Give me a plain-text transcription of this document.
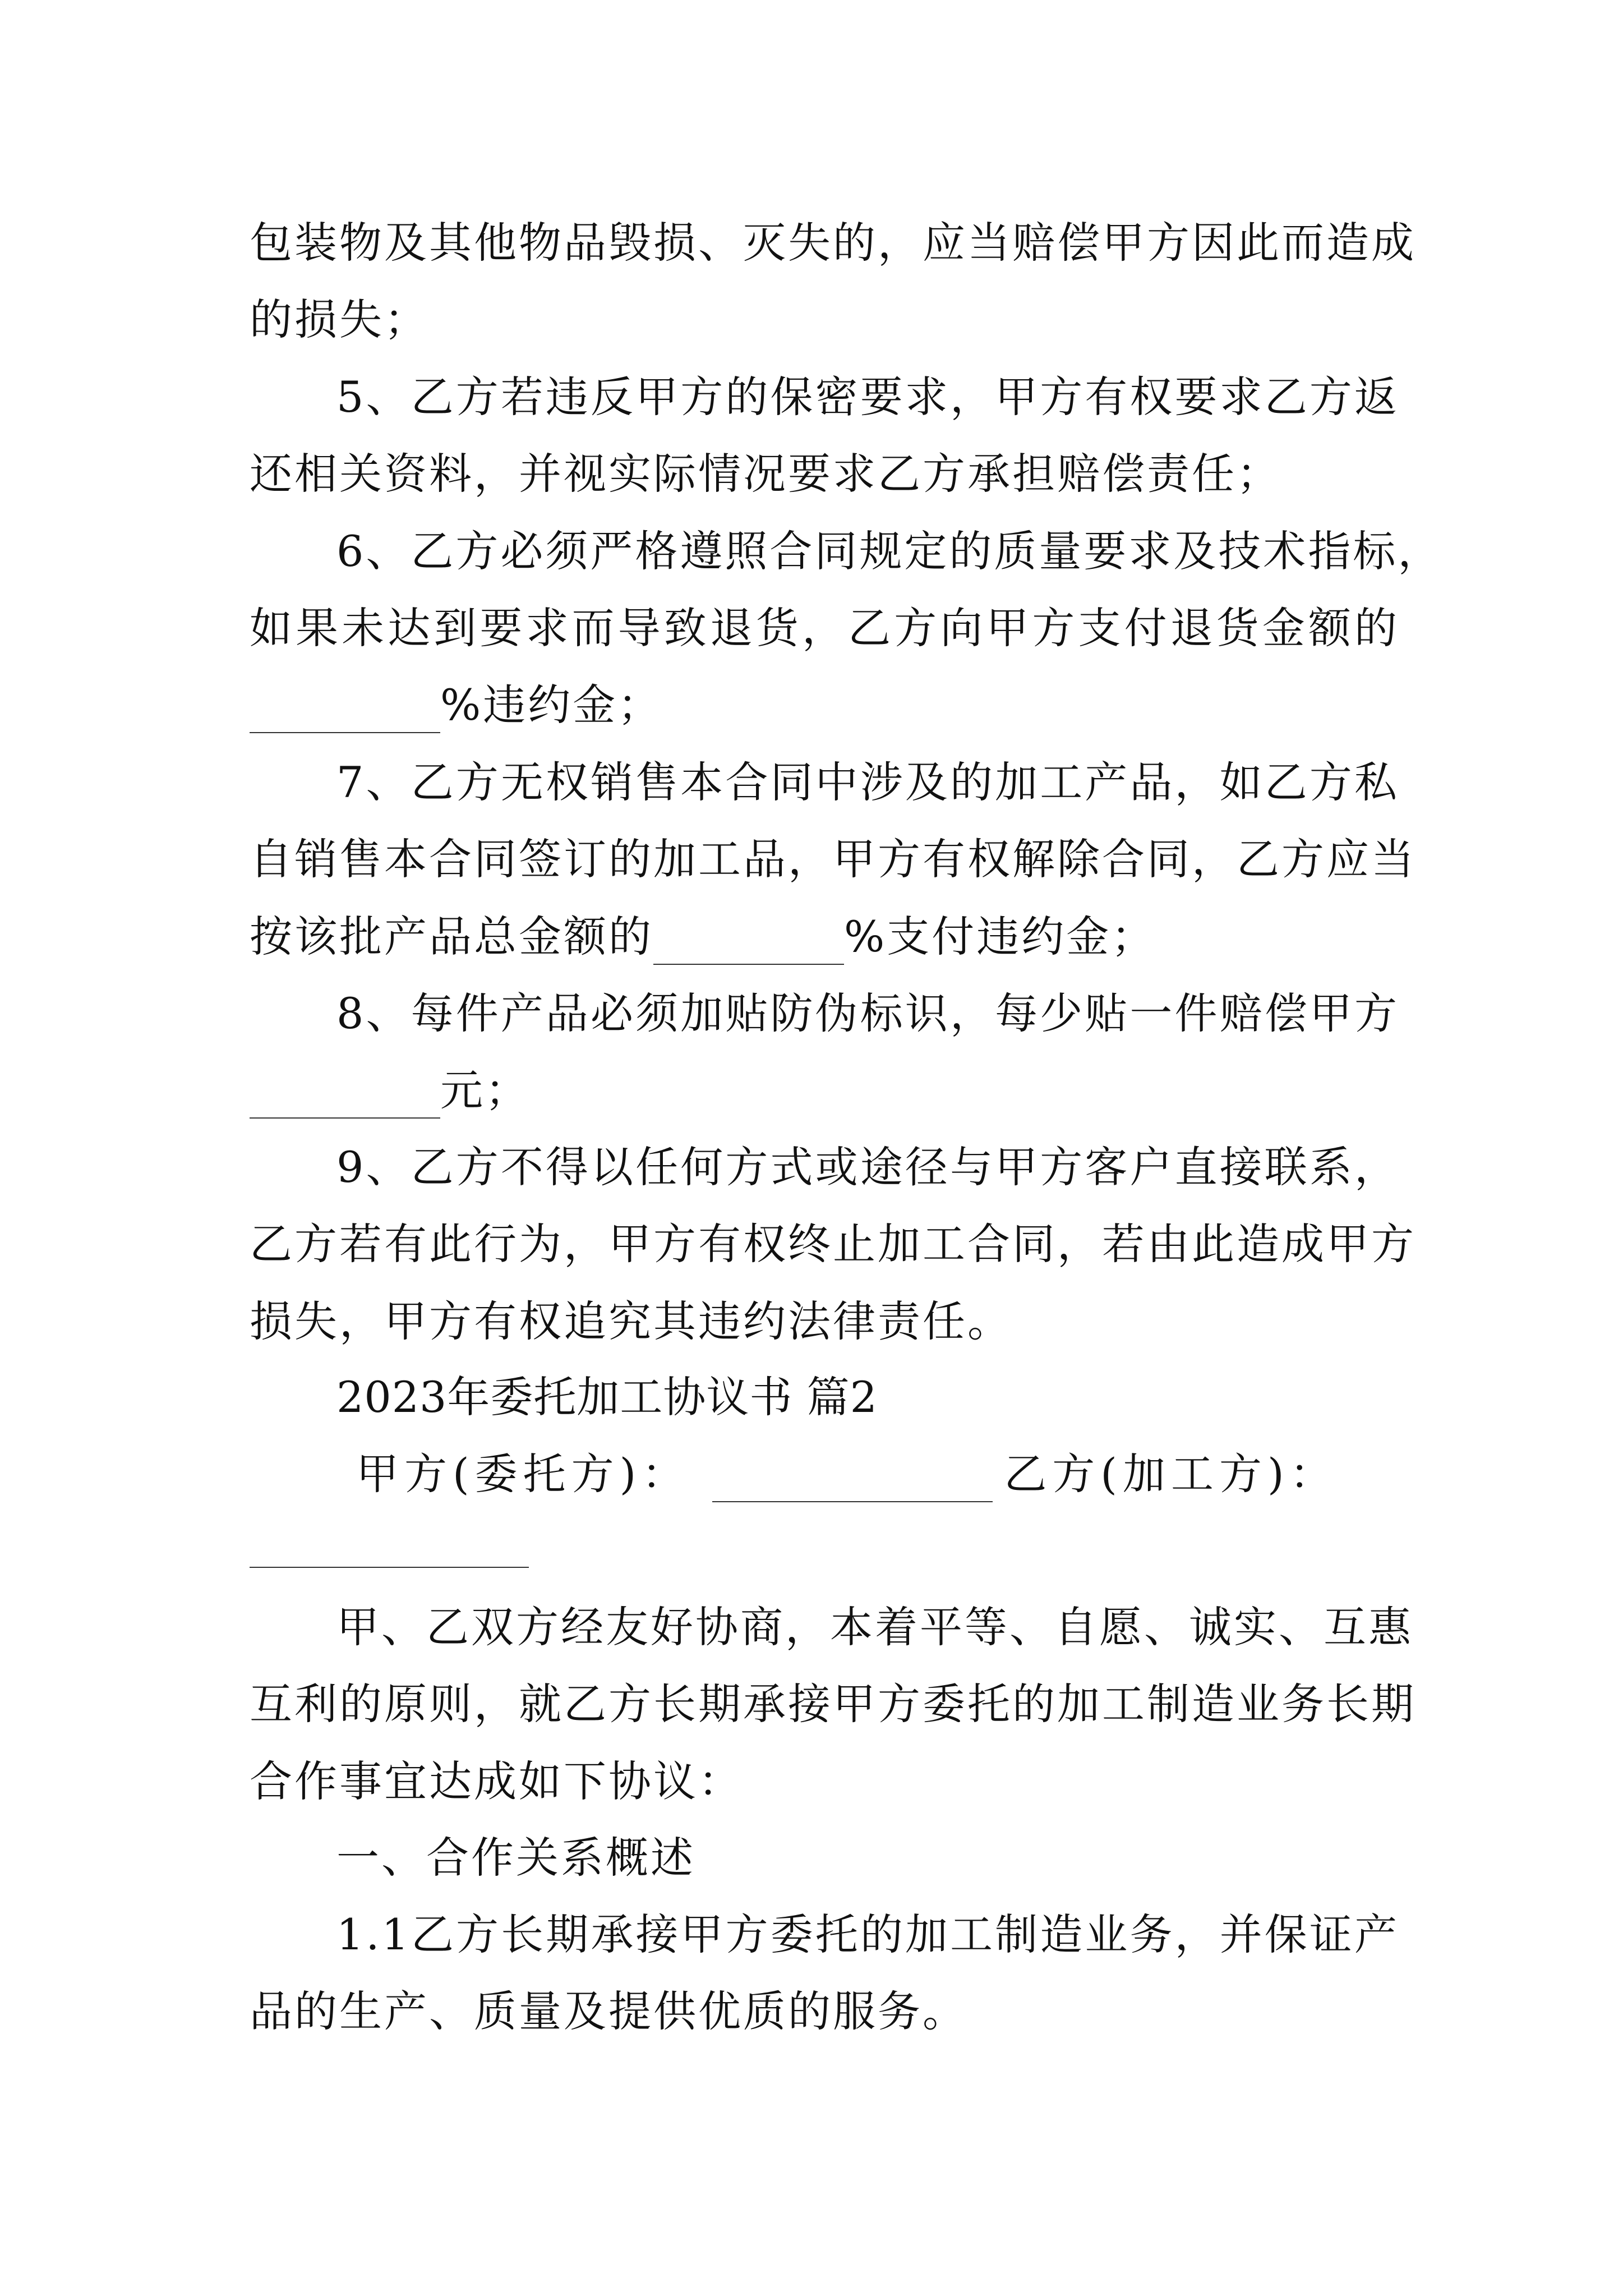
包装物及其他物品毁损、灭失的，应当赔偿甲方因此而造成
的损失；
5、乙方若违反甲方的保密要求，甲方有权要求乙方返
还相关资料，并视实际情况要求乙方承担赔偿责任；
6、乙方必须严格遵照合同规定的质量要求及技术指标，
如果未达到要求而导致退货，乙方向甲方支付退货金额的
%违约金；
7、乙方无权销售本合同中涉及的加工产品，如乙方私
自销售本合同签订的加工品，甲方有权解除合同，乙方应当
按该批产品总金额的	%支付违约金；
8、每件产品必须加贴防伪标识，每少贴一件赔偿甲方
元；
9、乙方不得以任何方式或途径与甲方客户直接联系，
乙方若有此行为，甲方有权终止加工合同，若由此造成甲方
损失，甲方有权追究其违约法律责任。
2023年委托加工协议书 篇2
甲方(委托方)：	乙方(加工方)：
甲、乙双方经友好协商，本着平等、自愿、诚实、互惠
互利的原则，就乙方长期承接甲方委托的加工制造业务长期
合作事宜达成如下协议：
一、合作关系概述
1.1乙方长期承接甲方委托的加工制造业务，并保证产
品的生产、质量及提供优质的服务。
